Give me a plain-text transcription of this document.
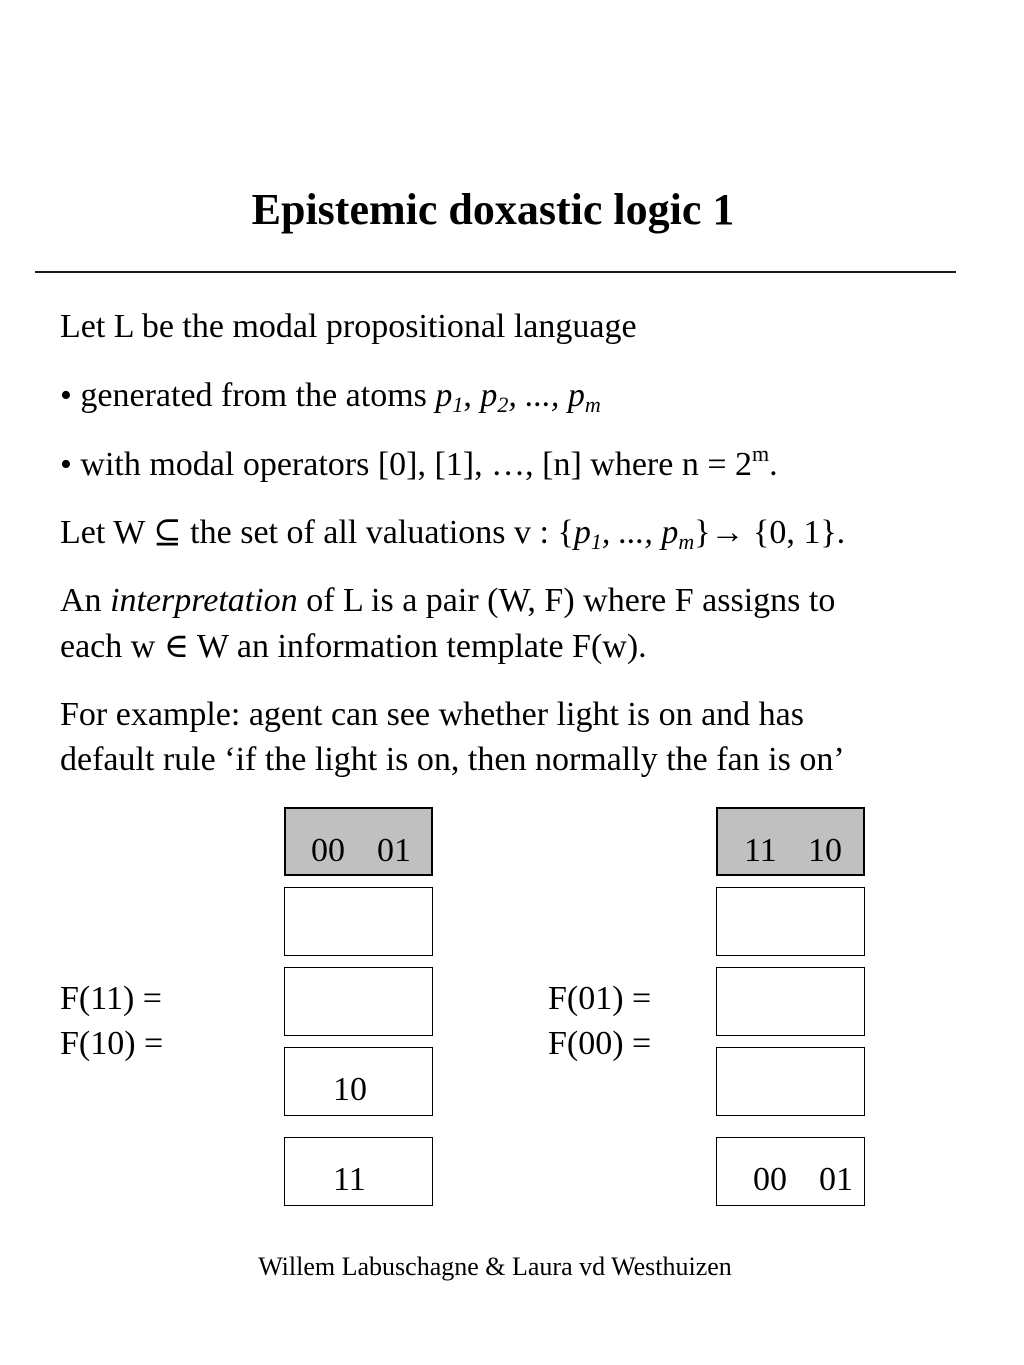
Epistemic doxastic logic 1
Let L be the modal propositional language
• generated from the atoms $p_1$, $p_2$, ..., $p_m$
• with modal operators [0], [1], …, [n] where $n = 2^m$.
Let W ⊆ the set of all valuations v : {$p_1$, ..., $p_m\}\to \{0$, 1}.
An interpretation of L is a pair (W, F) where F assigns to
each w ∈ W an information template F(w).
For example: agent can see whether light is on and has
default rule ‘if the light is on, then normally the fan is on’
F(11) =
F(10) =
00 01
10
11
F(01) =
F(00) =
11 10
00 01
Willem Labuschagne & Laura vd Westhuizen
